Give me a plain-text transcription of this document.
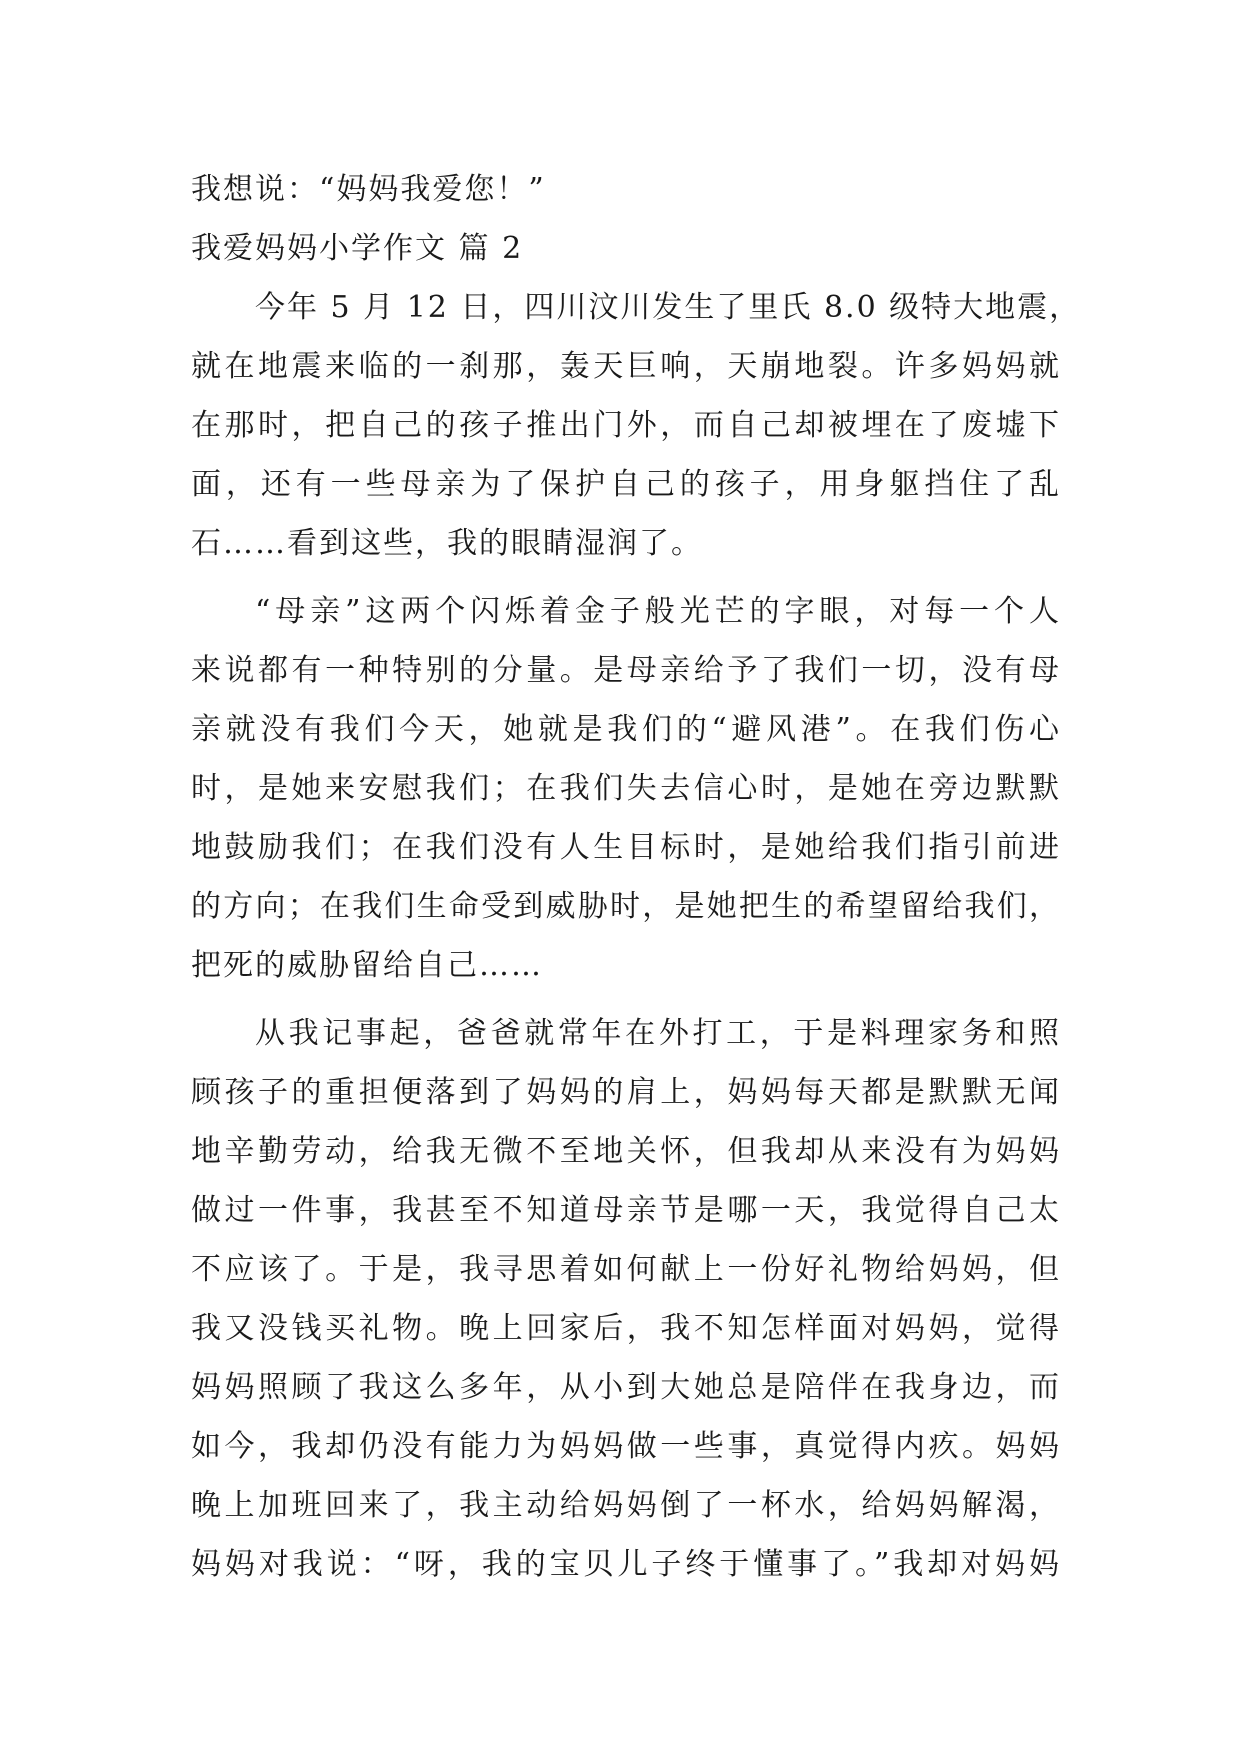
我想说：“妈妈我爱您！”
我爱妈妈小学作文 篇 2
今年 5 月 12 日，四川汶川发生了里氏 8.0 级特大地震，
就在地震来临的一刹那，轰天巨响，天崩地裂。许多妈妈就
在那时，把自己的孩子推出门外，而自己却被埋在了废墟下
面，还有一些母亲为了保护自己的孩子，用身躯挡住了乱
石……看到这些，我的眼睛湿润了。
“母亲”这两个闪烁着金子般光芒的字眼，对每一个人
来说都有一种特别的分量。是母亲给予了我们一切，没有母
亲就没有我们今天，她就是我们的“避风港”。在我们伤心
时，是她来安慰我们；在我们失去信心时，是她在旁边默默
地鼓励我们；在我们没有人生目标时，是她给我们指引前进
的方向；在我们生命受到威胁时，是她把生的希望留给我们，
把死的威胁留给自己……
从我记事起，爸爸就常年在外打工，于是料理家务和照
顾孩子的重担便落到了妈妈的肩上，妈妈每天都是默默无闻
地辛勤劳动，给我无微不至地关怀，但我却从来没有为妈妈
做过一件事，我甚至不知道母亲节是哪一天，我觉得自己太
不应该了。于是，我寻思着如何献上一份好礼物给妈妈，但
我又没钱买礼物。晚上回家后，我不知怎样面对妈妈，觉得
妈妈照顾了我这么多年，从小到大她总是陪伴在我身边，而
如今，我却仍没有能力为妈妈做一些事，真觉得内疚。妈妈
晚上加班回来了，我主动给妈妈倒了一杯水，给妈妈解渴，
妈妈对我说：“呀，我的宝贝儿子终于懂事了。”我却对妈妈
